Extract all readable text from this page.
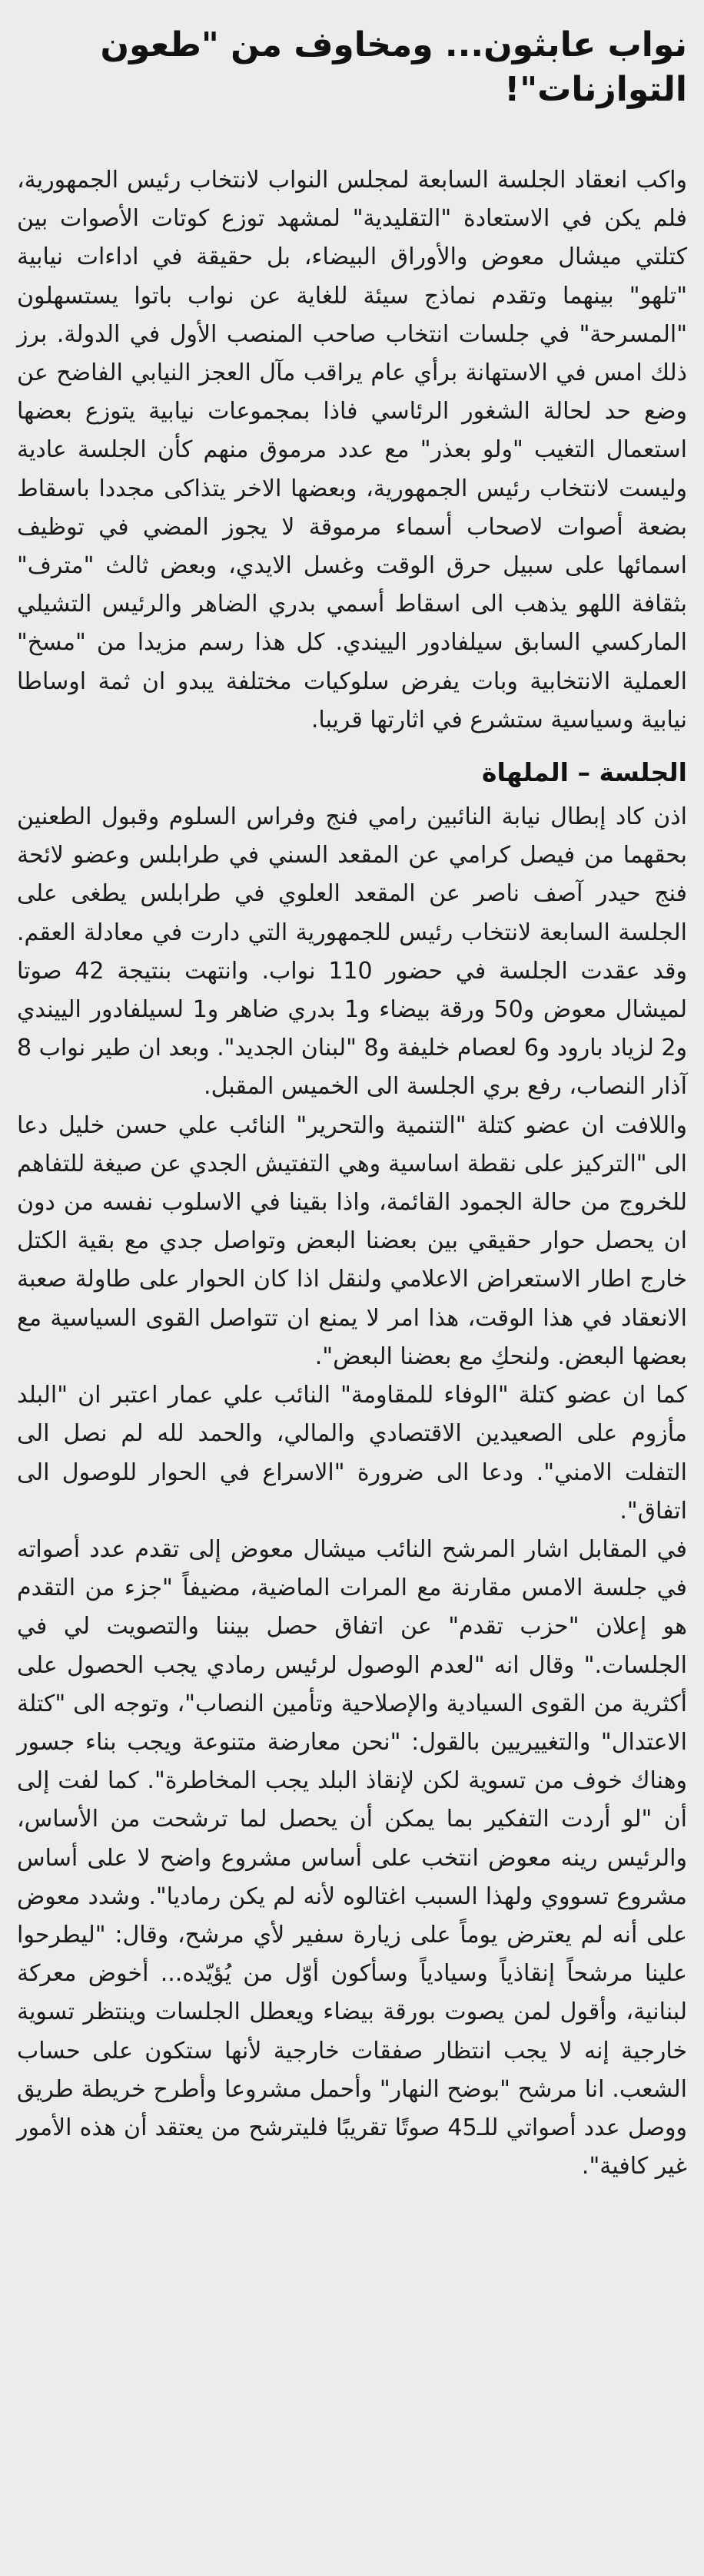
نواب عابثون... ومخاوف من "طعون التوازنات"!

واكب انعقاد الجلسة السابعة لمجلس النواب لانتخاب رئيس الجمهورية، فلم يكن في الاستعادة "التقليدية" لمشهد توزع كوتات الأصوات بين كتلتي ميشال معوض والأوراق البيضاء، بل حقيقة في اداءات نيابية "تلهو" بينهما وتقدم نماذج سيئة للغاية عن نواب باتوا يستسهلون "المسرحة" في جلسات انتخاب صاحب المنصب الأول في الدولة. برز ذلك امس في الاستهانة برأي عام يراقب مآل العجز النيابي الفاضح عن وضع حد لحالة الشغور الرئاسي فاذا بمجموعات نيابية يتوزع بعضها استعمال التغيب "ولو بعذر" مع عدد مرموق منهم كأن الجلسة عادية وليست لانتخاب رئيس الجمهورية، وبعضها الاخر يتذاكى مجددا باسقاط بضعة أصوات لاصحاب أسماء مرموقة لا يجوز المضي في توظيف اسمائها على سبيل حرق الوقت وغسل الايدي، وبعض ثالث "مترف" بثقافة اللهو يذهب الى اسقاط أسمي بدري الضاهر والرئيس التشيلي الماركسي السابق سيلفادور الييندي. كل هذا رسم مزيدا من "مسخ" العملية الانتخابية وبات يفرض سلوكيات مختلفة يبدو ان ثمة اوساطا نيابية وسياسية ستشرع في اثارتها قريبا.

الجلسة – الملهاة

اذن كاد إبطال نيابة النائبين رامي فنج وفراس السلوم وقبول الطعنين بحقهما من فيصل كرامي عن المقعد السني في طرابلس وعضو لائحة فنج حيدر آصف ناصر عن المقعد العلوي في طرابلس يطغى على الجلسة السابعة لانتخاب رئيس للجمهورية التي دارت في معادلة العقم. وقد عقدت الجلسة في حضور 110 نواب. وانتهت بنتيجة 42 صوتا لميشال معوض و50 ورقة بيضاء و1 بدري ضاهر و1 لسيلفادور الييندي و2 لزياد بارود و6 لعصام خليفة و8 "لبنان الجديد". وبعد ان طير نواب 8 آذار النصاب، رفع بري الجلسة الى الخميس المقبل.

واللافت ان عضو كتلة "التنمية والتحرير" النائب علي حسن خليل دعا الى "التركيز على نقطة اساسية وهي التفتيش الجدي عن صيغة للتفاهم للخروج من حالة الجمود القائمة، واذا بقينا في الاسلوب نفسه من دون ان يحصل حوار حقيقي بين بعضنا البعض وتواصل جدي مع بقية الكتل خارج اطار الاستعراض الاعلامي ولنقل اذا كان الحوار على طاولة صعبة الانعقاد في هذا الوقت، هذا امر لا يمنع ان تتواصل القوى السياسية مع بعضها البعض. ولنحكِ مع بعضنا البعض".

كما ان عضو كتلة "الوفاء للمقاومة" النائب علي عمار اعتبر ان "البلد مأزوم على الصعيدين الاقتصادي والمالي، والحمد لله لم نصل الى التفلت الامني". ودعا الى ضرورة "الاسراع في الحوار للوصول الى اتفاق".

في المقابل اشار المرشح النائب ميشال معوض إلى تقدم عدد أصواته في جلسة الامس مقارنة مع المرات الماضية، مضيفاً "جزء من التقدم هو إعلان "حزب تقدم" عن اتفاق حصل بيننا والتصويت لي في الجلسات." وقال انه "لعدم الوصول لرئيس رمادي يجب الحصول على أكثرية من القوى السيادية والإصلاحية وتأمين النصاب"، وتوجه الى "كتلة الاعتدال" والتغييريين بالقول: "نحن معارضة متنوعة ويجب بناء جسور وهناك خوف من تسوية لكن لإنقاذ البلد يجب المخاطرة". كما لفت إلى أن "لو أردت التفكير بما يمكن أن يحصل لما ترشحت من الأساس، والرئيس رينه معوض انتخب على أساس مشروع واضح لا على أساس مشروع تسووي ولهذا السبب اغتالوه لأنه لم يكن رماديا". وشدد معوض على أنه لم يعترض يوماً على زيارة سفير لأي مرشح، وقال: "ليطرحوا علينا مرشحاً إنقاذياً وسيادياً وسأكون أوّل من يُؤيّده... أخوض معركة لبنانية، وأقول لمن يصوت بورقة بيضاء ويعطل الجلسات وينتظر تسوية خارجية إنه لا يجب انتظار صفقات خارجية لأنها ستكون على حساب الشعب. انا مرشح "بوضح النهار" وأحمل مشروعا وأطرح خريطة طريق ووصل عدد أصواتي للـ45 صوتًا تقريبًا فليترشح من يعتقد أن هذه الأمور غير كافية".
